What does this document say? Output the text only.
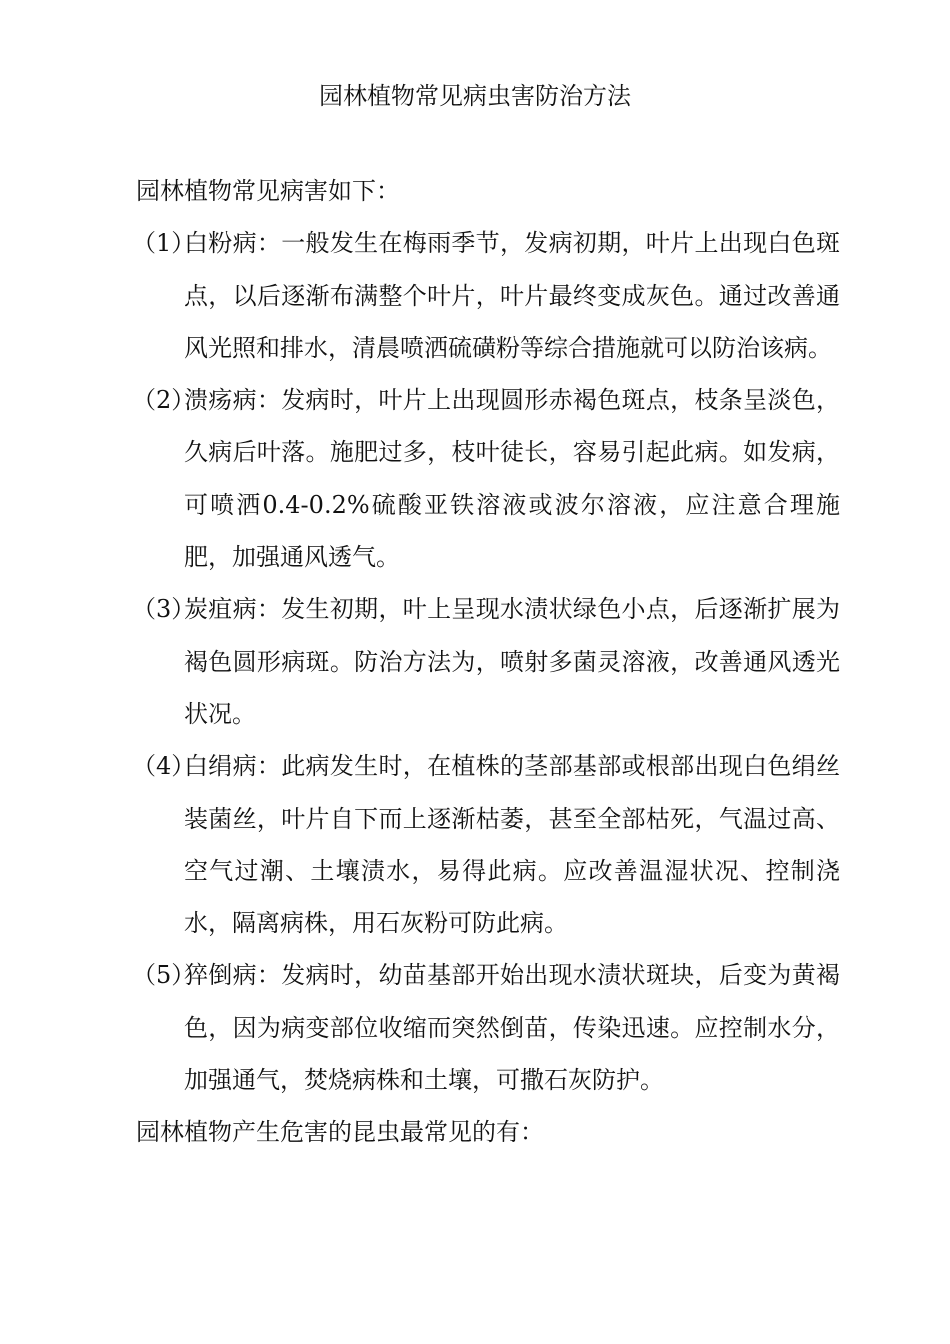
园林植物常见病虫害防治方法

园林植物常见病害如下：

（1）
白粉病：一般发生在梅雨季节，发病初期，叶片上出现白色斑点，以后逐渐布满整个叶片，叶片最终变成灰色。通过改善通风光照和排水，清晨喷洒硫磺粉等综合措施就可以防治该病。
（2）
溃疡病：发病时，叶片上出现圆形赤褐色斑点，枝条呈淡色，久病后叶落。施肥过多，枝叶徒长，容易引起此病。如发病，可喷洒0.4-0.2%硫酸亚铁溶液或波尔溶液，应注意合理施肥，加强通风透气。
（3）
炭疽病：发生初期，叶上呈现水渍状绿色小点，后逐渐扩展为褐色圆形病斑。防治方法为，喷射多菌灵溶液，改善通风透光状况。
（4）
白绢病：此病发生时，在植株的茎部基部或根部出现白色绢丝装菌丝，叶片自下而上逐渐枯萎，甚至全部枯死，气温过高、空气过潮、土壤渍水，易得此病。应改善温湿状况、控制浇水，隔离病株，用石灰粉可防此病。
（5）
猝倒病：发病时，幼苗基部开始出现水渍状斑块，后变为黄褐色，因为病变部位收缩而突然倒苗，传染迅速。应控制水分，加强通气，焚烧病株和土壤，可撒石灰防护。

园林植物产生危害的昆虫最常见的有：
